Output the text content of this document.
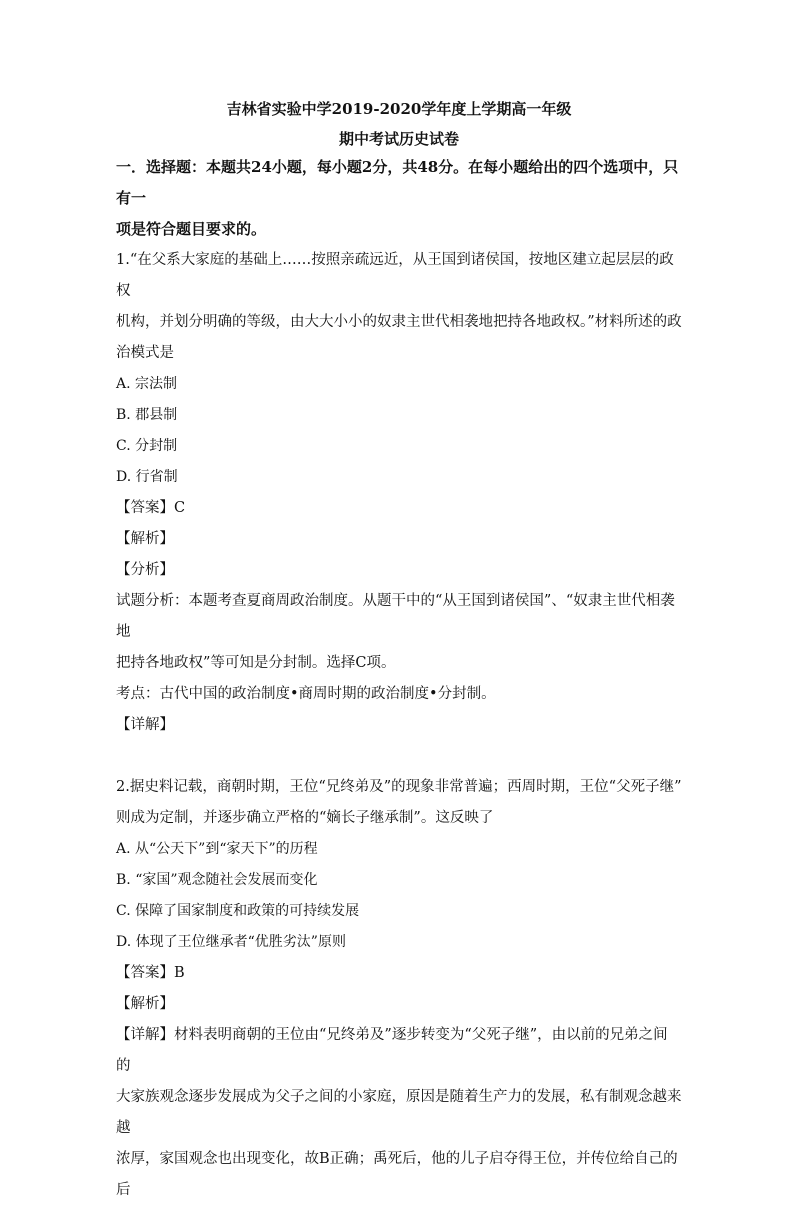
吉林省实验中学2019-2020学年度上学期高一年级
期中考试历史试卷
一．选择题：本题共24小题，每小题2分，共48分。在每小题给出的四个选项中，只有一
项是符合题目要求的。

1.“在父系大家庭的基础上……按照亲疏远近，从王国到诸侯国，按地区建立起层层的政权

机构，并划分明确的等级，由大大小小的奴隶主世代相袭地把持各地政权。”材料所述的政

治模式是

A. 宗法制
B. 郡县制
C. 分封制
D. 行省制
【答案】C
【解析】
【分析】

试题分析：本题考查夏商周政治制度。从题干中的“从王国到诸侯国”、“奴隶主世代相袭地

把持各地政权”等可知是分封制。选择C项。

考点：古代中国的政治制度•商周时期的政治制度•分封制。

【详解】

2.据史料记载，商朝时期，王位“兄终弟及”的现象非常普遍；西周时期，王位“父死子继”

则成为定制，并逐步确立严格的“嫡长子继承制”。这反映了

A. 从“公天下”到“家天下”的历程
B. “家国”观念随社会发展而变化
C. 保障了国家制度和政策的可持续发展
D. 体现了王位继承者“优胜劣汰”原则
【答案】B
【解析】

【详解】材料表明商朝的王位由“兄终弟及”逐步转变为“父死子继”，由以前的兄弟之间的

大家族观念逐步发展成为父子之间的小家庭，原因是随着生产力的发展，私有制观念越来越

浓厚，家国观念也出现变化，故B正确；禹死后，他的儿子启夺得王位，并传位给自己的后
